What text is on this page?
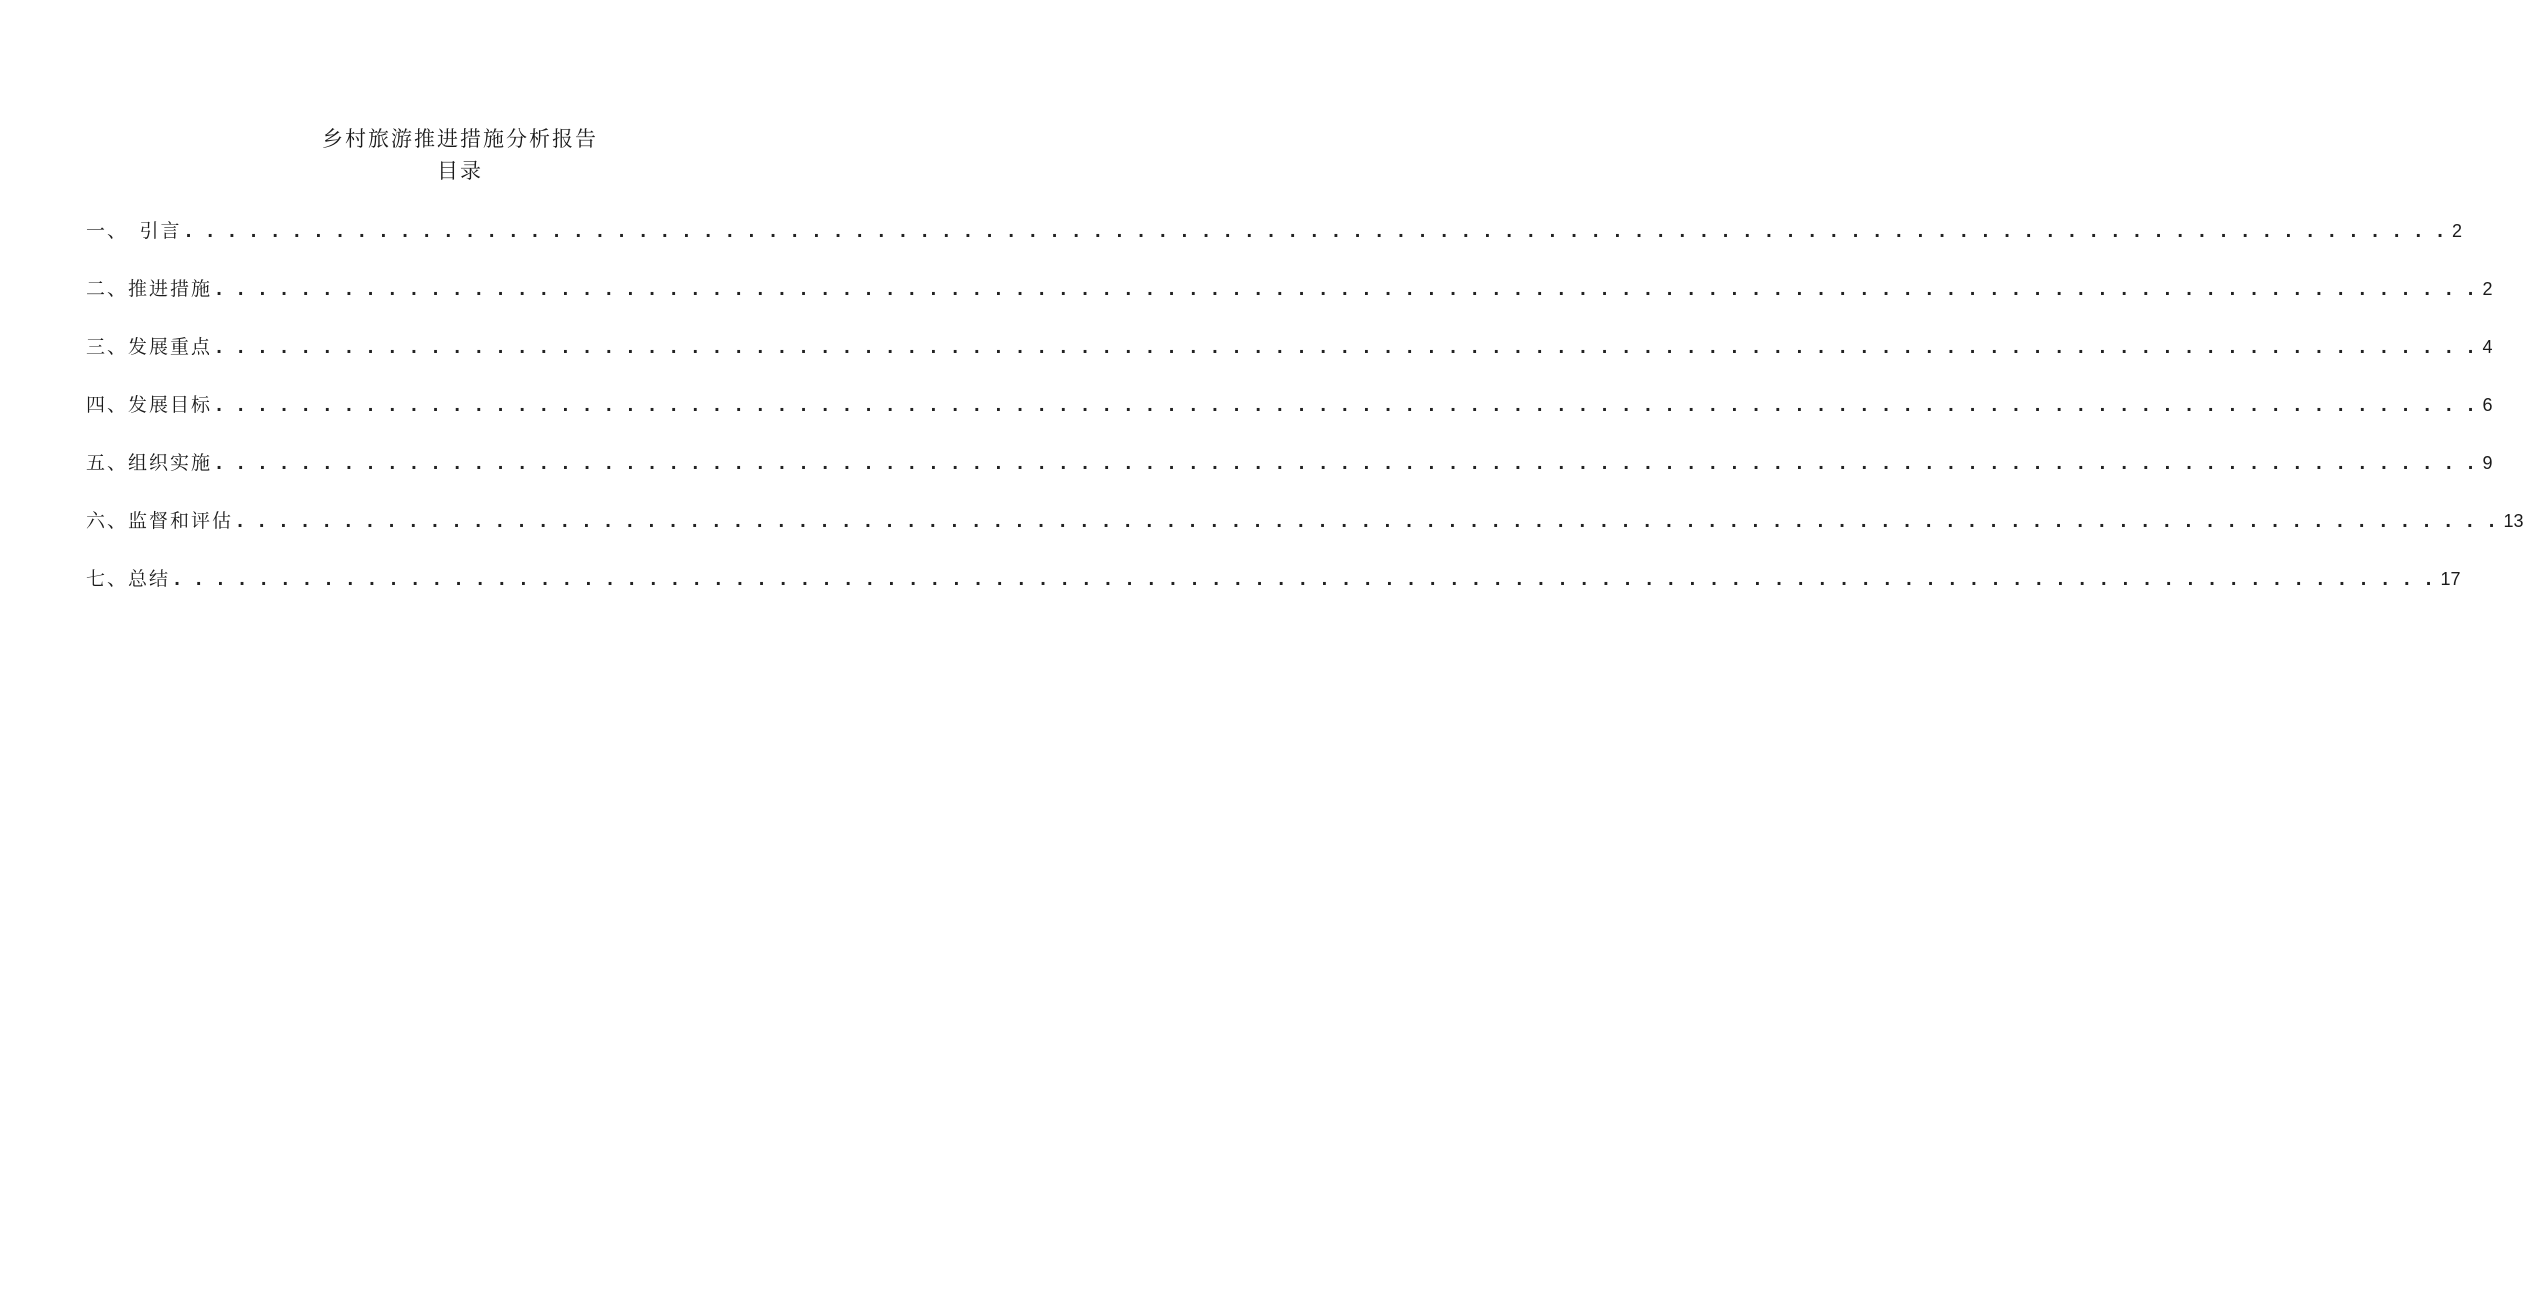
乡村旅游推进措施分析报告
目录
一、　引言 . . . . . . . . . . . . . . . . . . . . . . . . . . . . . . . . . . . . . . . . . . . . . . . . . . . . . . . . . . . . . . . . . . . . . . . . . . . . . . . . . . . . . . . . . . . . . . . . . . . . . . . . . 2
二、推进措施 . . . . . . . . . . . . . . . . . . . . . . . . . . . . . . . . . . . . . . . . . . . . . . . . . . . . . . . . . . . . . . . . . . . . . . . . . . . . . . . . . . . . . . . . . . . . . . . . . . . . . . . . . 2
三、发展重点 . . . . . . . . . . . . . . . . . . . . . . . . . . . . . . . . . . . . . . . . . . . . . . . . . . . . . . . . . . . . . . . . . . . . . . . . . . . . . . . . . . . . . . . . . . . . . . . . . . . . . . . . . 4
四、发展目标 . . . . . . . . . . . . . . . . . . . . . . . . . . . . . . . . . . . . . . . . . . . . . . . . . . . . . . . . . . . . . . . . . . . . . . . . . . . . . . . . . . . . . . . . . . . . . . . . . . . . . . . . . 6
五、组织实施 . . . . . . . . . . . . . . . . . . . . . . . . . . . . . . . . . . . . . . . . . . . . . . . . . . . . . . . . . . . . . . . . . . . . . . . . . . . . . . . . . . . . . . . . . . . . . . . . . . . . . . . . . 9
六、监督和评估 . . . . . . . . . . . . . . . . . . . . . . . . . . . . . . . . . . . . . . . . . . . . . . . . . . . . . . . . . . . . . . . . . . . . . . . . . . . . . . . . . . . . . . . . . . . . . . . . . . . . . . . . . 13
七、总结 . . . . . . . . . . . . . . . . . . . . . . . . . . . . . . . . . . . . . . . . . . . . . . . . . . . . . . . . . . . . . . . . . . . . . . . . . . . . . . . . . . . . . . . . . . . . . . . . . . . . . . . . . 17
